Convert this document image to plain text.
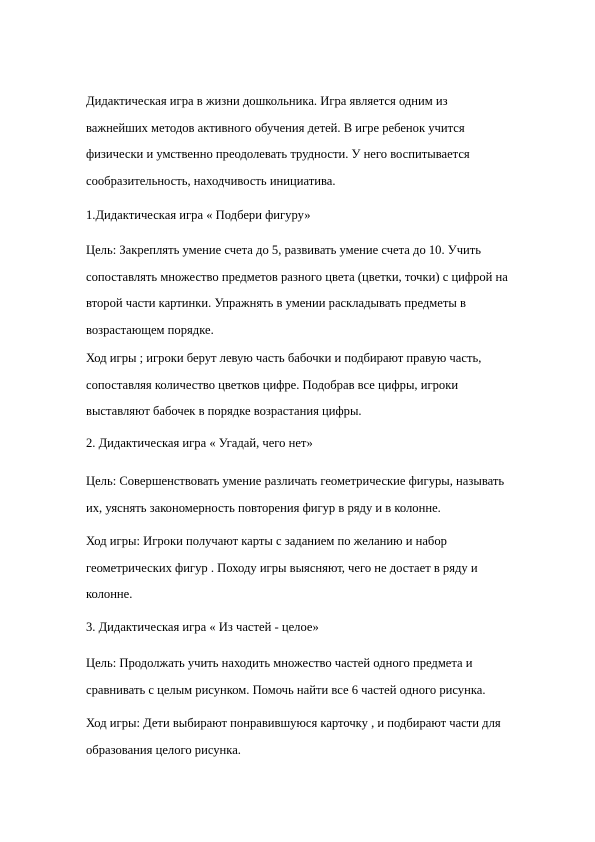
Дидактическая игра в жизни дошкольника. Игра является одним из
важнейших методов активного обучения детей. В игре ребенок учится
физически и умственно преодолевать трудности. У него воспитывается
сообразительность, находчивость инициатива.

1.Дидактическая игра « Подбери фигуру»

Цель: Закреплять умение счета до 5, развивать умение счета до 10. Учить
сопоставлять множество предметов разного цвета (цветки, точки) с цифрой на
второй части картинки. Упражнять в умении раскладывать предметы в
возрастающем порядке.

Ход игры ; игроки берут левую часть бабочки и подбирают правую часть,
сопоставляя количество цветков цифре. Подобрав все цифры, игроки
выставляют бабочек в порядке возрастания цифры.

2. Дидактическая игра « Угадай, чего нет»

Цель: Совершенствовать умение различать геометрические фигуры, называть
их, уяснять закономерность повторения фигур в ряду и в колонне.

Ход игры: Игроки получают карты с заданием по желанию и набор
геометрических фигур . Походу игры выясняют, чего не достает в ряду и
колонне.

3. Дидактическая игра « Из частей - целое»

Цель: Продолжать учить находить множество частей одного предмета и
сравнивать с целым рисунком. Помочь найти все 6 частей одного рисунка.

Ход игры: Дети выбирают понравившуюся карточку , и подбирают части для
образования целого рисунка.
